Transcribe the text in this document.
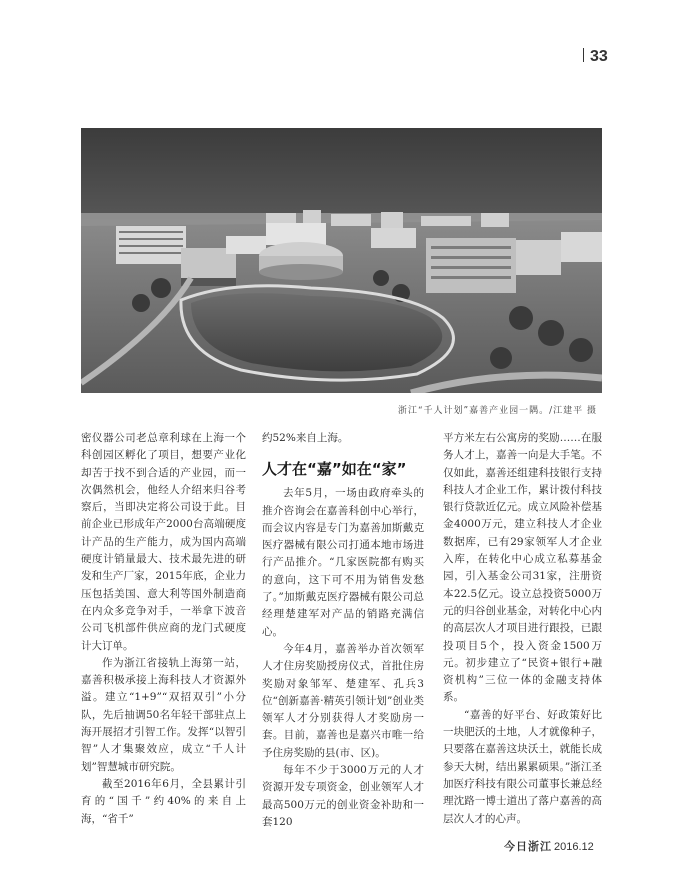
33
浙江“千人计划”嘉善产业园一隅。/江建平 摄

密仪器公司老总章利球在上海一个科创园区孵化了项目，想要产业化却苦于找不到合适的产业园，而一次偶然机会，他经人介绍来归谷考察后，当即决定将公司设于此。目前企业已形成年产2000台高端硬度计产品的生产能力，成为国内高端硬度计销量最大、技术最先进的研发和生产厂家，2015年底，企业力压包括美国、意大利等国外制造商在内众多竞争对手，一举拿下波音公司飞机部件供应商的龙门式硬度计大订单。

作为浙江省接轨上海第一站，嘉善积极承接上海科技人才资源外溢。建立“1+9”“双招双引”小分队，先后抽调50名年轻干部驻点上海开展招才引智工作。发挥“以智引智”人才集聚效应，成立“千人计划”智慧城市研究院。

截至2016年6月，全县累计引育的“国千”约40%的来自上海，“省千”

约52%来自上海。

人才在“嘉”如在“家”

去年5月，一场由政府牵头的推介咨询会在嘉善科创中心举行，而会议内容是专门为嘉善加斯戴克医疗器械有限公司打通本地市场进行产品推介。“几家医院都有购买的意向，这下可不用为销售发愁了。”加斯戴克医疗器械有限公司总经理楚建军对产品的销路充满信心。

今年4月，嘉善举办首次领军人才住房奖励授房仪式，首批住房奖励对象邹军、楚建军、孔兵3位“创新嘉善·精英引领计划”创业类领军人才分别获得人才奖励房一套。目前，嘉善也是嘉兴市唯一给予住房奖励的县(市、区)。

每年不少于3000万元的人才资源开发专项资金，创业领军人才最高500万元的创业资金补助和一套120

平方米左右公寓房的奖励……在服务人才上，嘉善一向是大手笔。不仅如此，嘉善还组建科技银行支持科技人才企业工作，累计拨付科技银行贷款近亿元。成立风险补偿基金4000万元，建立科技人才企业数据库，已有29家领军人才企业入库，在转化中心成立私募基金园，引入基金公司31家，注册资本22.5亿元。设立总投资5000万元的归谷创业基金，对转化中心内的高层次人才项目进行跟投，已跟投项目5个，投入资金1500万元。初步建立了“民资+银行+融资机构”三位一体的金融支持体系。

“嘉善的好平台、好政策好比一块肥沃的土地，人才就像种子，只要落在嘉善这块沃土，就能长成参天大树，结出累累硕果。”浙江圣加医疗科技有限公司董事长兼总经理沈路一博士道出了落户嘉善的高层次人才的心声。

今日浙江 2016.12
